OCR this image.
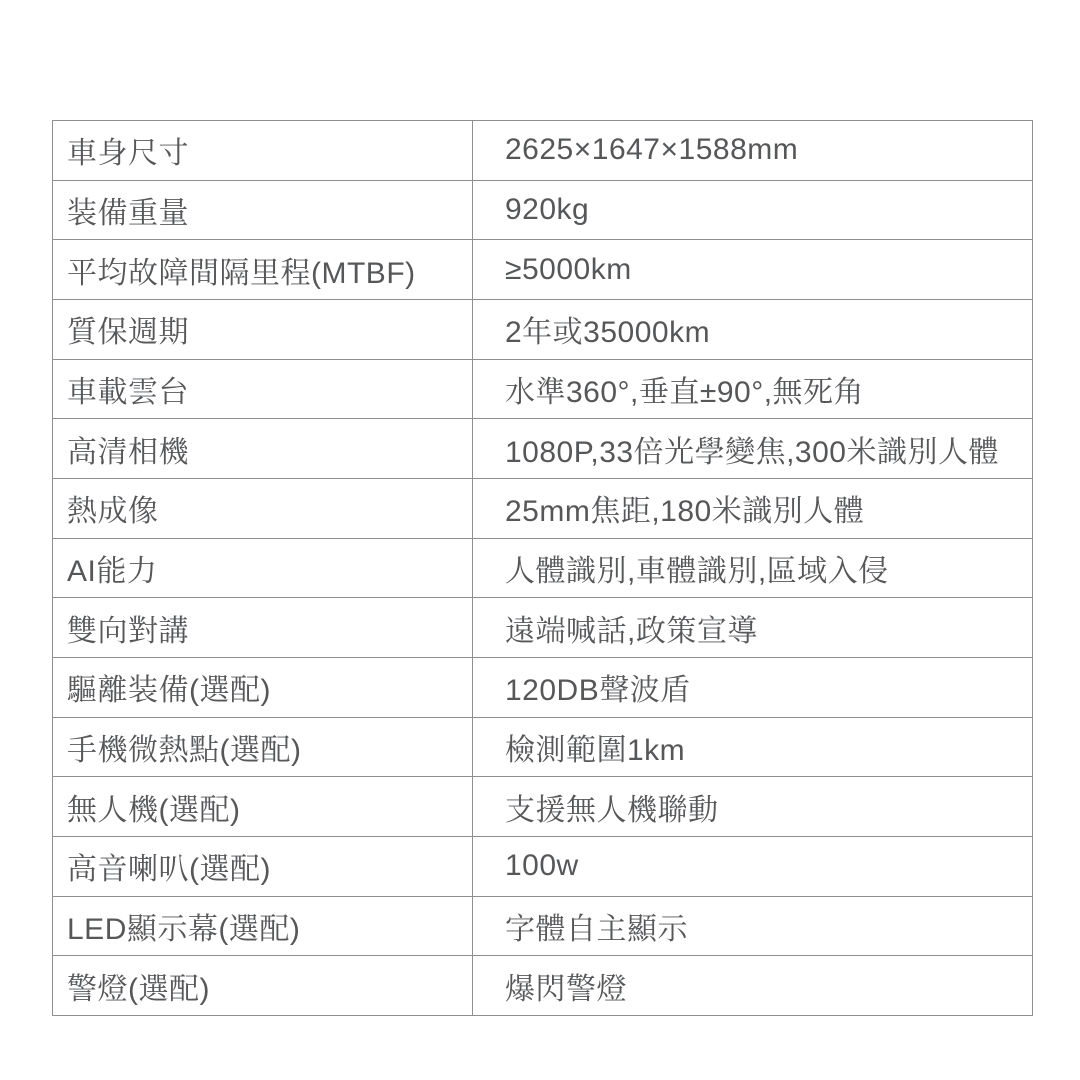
車身尺寸	2625×1647×1588mm
装備重量	920kg
平均故障間隔里程(MTBF)	≥5000km
質保週期	2年或35000km
車載雲台	水準360°,垂直±90°,無死角
高清相機	1080P,33倍光學變焦,300米識別人體
熱成像	25mm焦距,180米識別人體
AI能力	人體識別,車體識別,區域入侵
雙向對講	遠端喊話,政策宣導
驅離装備(選配)	120DB聲波盾
手機微熱點(選配)	檢測範圍1km
無人機(選配)	支援無人機聯動
高音喇叭(選配)	100w
LED顯示幕(選配)	字體自主顯示
警燈(選配)	爆閃警燈
